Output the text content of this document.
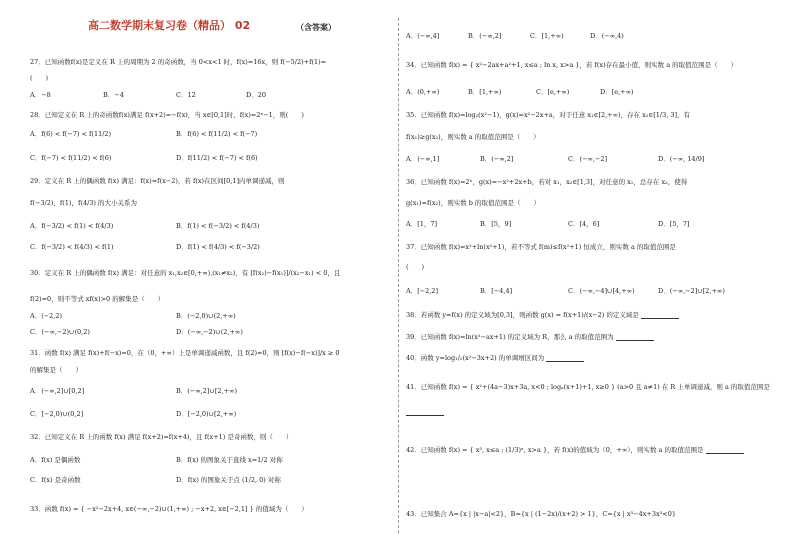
高二数学期末复习卷（精品） 02	（含答案）
27．已知函数f(x)是定义在 R 上的周期为 2 的奇函数，当 0<x<1 时，f(x)=16x，则 f(−5/2)+f(1)=
(　　)
A．−8	B．−4	C．12	D．20
28．已知定义在 R 上的奇函数f(x)满足 f(x+2)=−f(x)，当 x∈[0,1]时，f(x)=2ˣ−1，则(　　)
A．f(6) < f(−7) < f(11/2)	B．f(6) < f(11/2) < f(−7)
C．f(−7) < f(11/2) < f(6)	D．f(11/2) < f(−7) < f(6)
29．定义在 R 上的偶函数 f(x) 满足：f(x)=f(x−2)，若 f(x)在区间[0,1]内单调递减，则
f(−3/2)，f(1)，f(4/3) 的大小关系为
A．f(−3/2) < f(1) < f(4/3)	B．f(1) < f(−3/2) < f(4/3)
C．f(−3/2) < f(4/3) < f(1)	D．f(1) < f(4/3) < f(−3/2)
30．定义在 R 上的偶函数 f(x) 满足：对任意的 x₁,x₂∈[0,+∞),(x₁≠x₂)，有 [f(x₂)−f(x₁)]/(x₂−x₁) < 0，且
f(2)=0，则不等式 xf(x)>0 的解集是（　　）
A．(−2,2)	B．(−2,0)∪(2,+∞)
C．(−∞,−2)∪(0,2)	D．(−∞,−2)∪(2,+∞)
31．函数 f(x) 满足 f(x)+f(−x)=0，在（0，+∞）上是单调递减函数，且 f(2)=0，则 [f(x)−f(−x)]/x ≥ 0
的解集是（　　）
A．(−∞,2]∪[0,2]	B．(−∞,2]∪[2,+∞)
C．[−2,0)∪(0,2]	D．[−2,0)∪[2,+∞)
32．已知定义在 R 上的函数 f(x) 满足 f(x+2)=f(x+4)，且 f(x+1) 是奇函数，则（　　）
A．f(x) 是偶函数	B．f(x) 的图象关于直线 x=1/2 对称
C．f(x) 是奇函数	D．f(x) 的图象关于点 (1/2, 0) 对称
33．函数 f(x) = { −x²−2x+4, x∈(−∞,−2)∪(1,+∞) ; −x+2, x∈[−2,1] } 的值域为（　　）
A．(−∞,4]	B．(−∞,2]	C．[1,+∞)	D．(−∞,4)
34．已知函数 f(x) = { x²−2ax+a²+1, x≤a ; ln x, x>a }，若 f(x)存在最小值，则实数 a 的取值范围是（　　）
A．(0,+∞)	B．[1,+∞)	C．[e,+∞)	D．[e,+∞)
35．已知函数 f(x)=log₂(x²−1)，g(x)=x²−2x+a，对于任意 x₁∈[2,+∞)，存在 x₂∈[1/3, 3]，有
f(x₁)≥g(x₂)，则实数 a 的取值范围是（　　）
A．(−∞,1]	B．(−∞,2]	C．(−∞,−2]	D．(−∞, 14/9]
36．已知函数 f(x)=2ˣ，g(x)=−x²+2x+b，若对 x₁，x₂∈[1,3]，对任意的 x₁，总存在 x₂，使得
g(x₁)=f(x₂)，则实数 b 的取值范围是（　　）
A．[1，7]	B．[5，9]	C．[4，6]	D．[5，7]
37．已知函数 f(x)=x²+ln(x²+1)，若不等式 f(m)≤f(x²+1) 恒成立，则实数 a 的取值范围是
(　　)
A．[−2,2]	B．[−4,4]	C．(−∞,−4]∪[4,+∞)	D．(−∞,−2]∪[2,+∞)
38．若函数 y=f(x) 的定义域为[0,3]，则函数 g(x) = f(x+1)/(x−2) 的定义域是
39．已知函数 f(x)=ln(x²−ax+1) 的定义域为 R，那么 a 的取值范围为
40．函数 y=log₁/₂(x²−3x+2) 的单调增区间为
41．已知函数 f(x) = { x²+(4a−3)x+3a, x<0 ; logₐ(x+1)+1, x≥0 } (a>0 且 a≠1) 在 R 上单调递减，则 a 的取值范围是
42．已知函数 f(x) = { x³, x≤a ; (1/3)ˣ, x>a }，若 f(x)的值域为（0，+∞），则实数 a 的取值范围是
43．已知集合 A={x | |x−a|<2}，B={x | (1−2x)/(x+2) > 1}，C={x | x³−4x+3x³<0}
